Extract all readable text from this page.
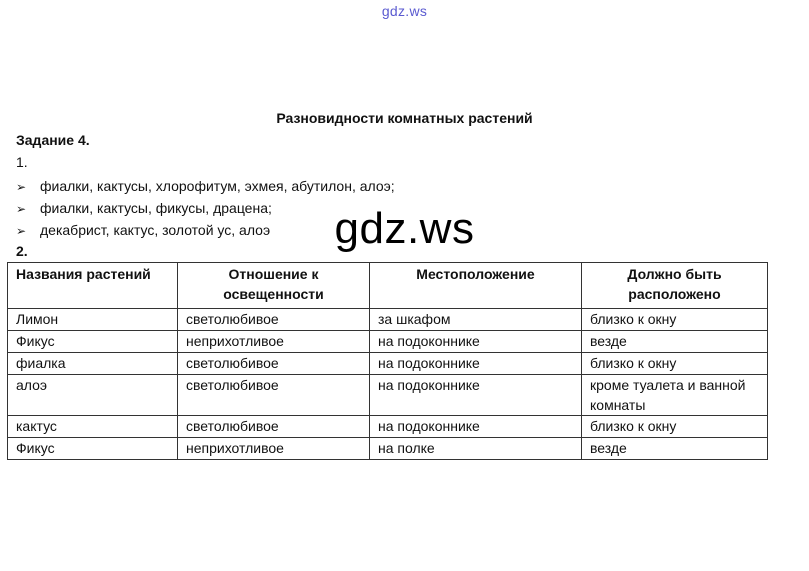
gdz.ws
Разновидности комнатных растений
Задание 4.
1.
➢ фиалки, кактусы, хлорофитум, эхмея, абутилон, алоэ;
➢ фиалки, кактусы, фикусы, драцена;
➢ декабрист, кактус, золотой ус, алоэ
2.
Названия растений	Отношение к освещенности	Местоположение	Должно быть расположено
Лимон	светолюбивое	за шкафом	близко к окну
Фикус	неприхотливое	на подоконнике	везде
фиалка	светолюбивое	на подоконнике	близко к окну
алоэ	светолюбивое	на подоконнике	кроме туалета и ванной комнаты
кактус	светолюбивое	на подоконнике	близко к окну
Фикус	неприхотливое	на полке	везде
gdz.ws
